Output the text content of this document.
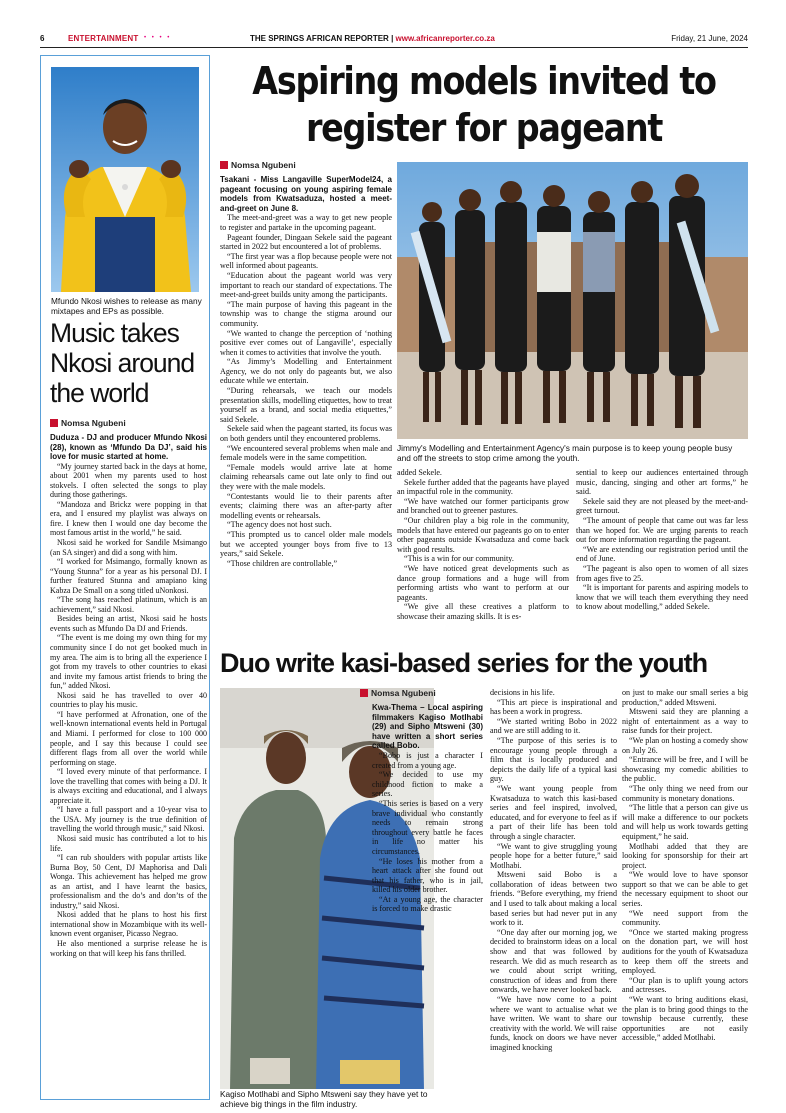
6	ENTERTAINMENT • • • •	THE SPRINGS AFRICAN REPORTER | www.africanreporter.co.za	Friday, 21 June, 2024
Mfundo Nkosi wishes to release as many mixtapes and EPs as possible.
Music takes Nkosi around the world
Nomsa Ngubeni

Duduza - DJ and producer Mfundo Nkosi (28), known as ‘Mfundo Da DJ’, said his love for music started at home.

“My journey started back in the days at home, about 2001 when my parents used to host stokvels. I often selected the songs to play during those gatherings.

“Mandoza and Brickz were popping in that era, and I ensured my playlist was always on fire. I knew then I would one day become the most famous artist in the world,” he said.

Nkosi said he worked for Sandile Msimango (an SA singer) and did a song with him.

“I worked for Msimango, formally known as “Young Stunna” for a year as his personal DJ. I further featured Stunna and amapiano king Kabza De Small on a song titled uNonkosi.

“The song has reached platinum, which is an achievement,” said Nkosi.

Besides being an artist, Nkosi said he hosts events such as Mfundo Da DJ and Friends.

“The event is me doing my own thing for my community since I do not get booked much in my area. The aim is to bring all the experience I got from my travels to other countries to ekasi and invite my famous artist friends to bring the fun,” added Nkosi.

Nkosi said he has travelled to over 40 countries to play his music.

“I have performed at Afronation, one of the well-known international events held in Portugal and Miami. I performed for close to 100 000 people, and I say this because I could see different flags from all over the world while performing on stage.

“I loved every minute of that performance. I love the travelling that comes with being a DJ. It is always exciting and educational, and I always appreciate it.

“I have a full passport and a 10-year visa to the USA. My journey is the true definition of travelling the world through music,” said Nkosi.

Nkosi said music has contributed a lot to his life.

“I can rub shoulders with popular artists like Burna Boy, 50 Cent, DJ Maphorisa and Dali Wonga. This achievement has helped me grow as an artist, and I have learnt the basics, professionalism and the do’s and don’ts of the industry,” said Nkosi.

Nkosi added that he plans to host his first international show in Mozambique with its well-known event organiser, Picasso Negrao.

He also mentioned a surprise release he is working on that will keep his fans thrilled.

Aspiring models invited to register for pageant
Nomsa Ngubeni

Tsakani - Miss Langaville SuperModel24, a pageant focusing on young aspiring female models from Kwatsaduza, hosted a meet-and-greet on June 8.

The meet-and-greet was a way to get new people to register and partake in the upcoming pageant.

Pageant founder, Dingaan Sekele said the pageant started in 2022 but encountered a lot of problems.

“The first year was a flop because people were not well informed about pageants.

“Education about the pageant world was very important to reach our standard of expectations. The meet-and-greet builds unity among the participants.

“The main purpose of having this pageant in the township was to change the stigma around our community.

“We wanted to change the perception of ‘nothing positive ever comes out of Langaville’, especially when it comes to activities that involve the youth.

“As Jimmy’s Modelling and Entertainment Agency, we do not only do pageants but, we also educate while we entertain.

“During rehearsals, we teach our models presentation skills, modelling etiquettes, how to treat yourself as a brand, and social media etiquettes,” said Sekele.

Sekele said when the pageant started, its focus was on both genders until they encountered problems.

“We encountered several problems when male and female models were in the same competition.

“Female models would arrive late at home claiming rehearsals came out late only to find out they were with the male models.

“Contestants would lie to their parents after events; claiming there was an after-party after modelling events or rehearsals.

“The agency does not host such.

“This prompted us to cancel older male models but we accepted younger boys from five to 13 years,” said Sekele.

“Those children are controllable,”

Jimmy's Modelling and Entertainment Agency's main purpose is to keep young people busy and off the streets to stop crime among the youth.

added Sekele.

Sekele further added that the pageants have played an impactful role in the community.

“We have watched our former participants grow and branched out to greener pastures.

“Our children play a big role in the community, models that have entered our pageants go on to enter other pageants outside Kwatsaduza and come back with good results.

“This is a win for our community.

“We have noticed great developments such as dance group formations and a huge will from performing artists who want to perform at our pageants.

“We give all these creatives a platform to showcase their amazing skills. It is es-

sential to keep our audiences entertained through music, dancing, singing and other art forms,” he said.

Sekele said they are not pleased by the meet-and-greet turnout.

“The amount of people that came out was far less than we hoped for. We are urging parents to reach out for more information regarding the pageant.

“We are extending our registration period until the end of June.

“The pageant is also open to women of all sizes from ages five to 25.

“It is important for parents and aspiring models to know that we will teach them everything they need to know about modelling,” added Sekele.

Duo write kasi-based series for the youth
Kagiso Motlhabi and Sipho Mtsweni say they have yet to achieve big things in the film industry.
Nomsa Ngubeni

Kwa-Thema – Local aspiring filmmakers Kagiso Motlhabi (29) and Sipho Mtsweni (30) have written a short series called Bobo.

“Bobo is just a character I created from a young age.

“We decided to use my childhood fiction to make a series.

“This series is based on a very brave individual who constantly needs to remain strong throughout every battle he faces in life no matter his circumstances.

“He loses his mother from a heart attack after she found out that his father, who is in jail, killed his older brother.

“At a young age, the character is forced to make drastic

decisions in his life.

“This art piece is inspirational and has been a work in progress.

“We started writing Bobo in 2022 and we are still adding to it.

“The purpose of this series is to encourage young people through a film that is locally produced and depicts the daily life of a typical kasi guy.

“We want young people from Kwatsaduza to watch this kasi-based series and feel inspired, involved, educated, and for everyone to feel as if a part of their life has been told through a single character.

“We want to give struggling young people hope for a better future,” said Motlhabi.

Mtsweni said Bobo is a collaboration of ideas between two friends. “Before everything, my friend and I used to talk about making a local based series but had never put in any work to it.

“One day after our morning jog, we decided to brainstorm ideas on a local show and that was followed by research. We did as much research as we could about script writing, construction of ideas and from there onwards, we have never looked back.

“We have now come to a point where we want to actualise what we have written. We want to share our creativity with the world. We will raise funds, knock on doors we have never imagined knocking

on just to make our small series a big production,” added Mtsweni.

Mtsweni said they are planning a night of entertainment as a way to raise funds for their project.

“We plan on hosting a comedy show on July 26.

“Entrance will be free, and I will be showcasing my comedic abilities to the public.

“The only thing we need from our community is monetary donations.

“The little that a person can give us will make a difference to our pockets and will help us work towards getting equipment,” he said.

Motlhabi added that they are looking for sponsorship for their art project.

“We would love to have sponsor support so that we can be able to get the necessary equipment to shoot our series.

“We need support from the community.

“Once we started making progress on the donation part, we will host auditions for the youth of Kwatsaduza to keep them off the streets and employed.

“Our plan is to uplift young actors and actresses.

“We want to bring auditions ekasi, the plan is to bring good things to the township because currently, these opportunities are not easily accessible,” added Motlhabi.
